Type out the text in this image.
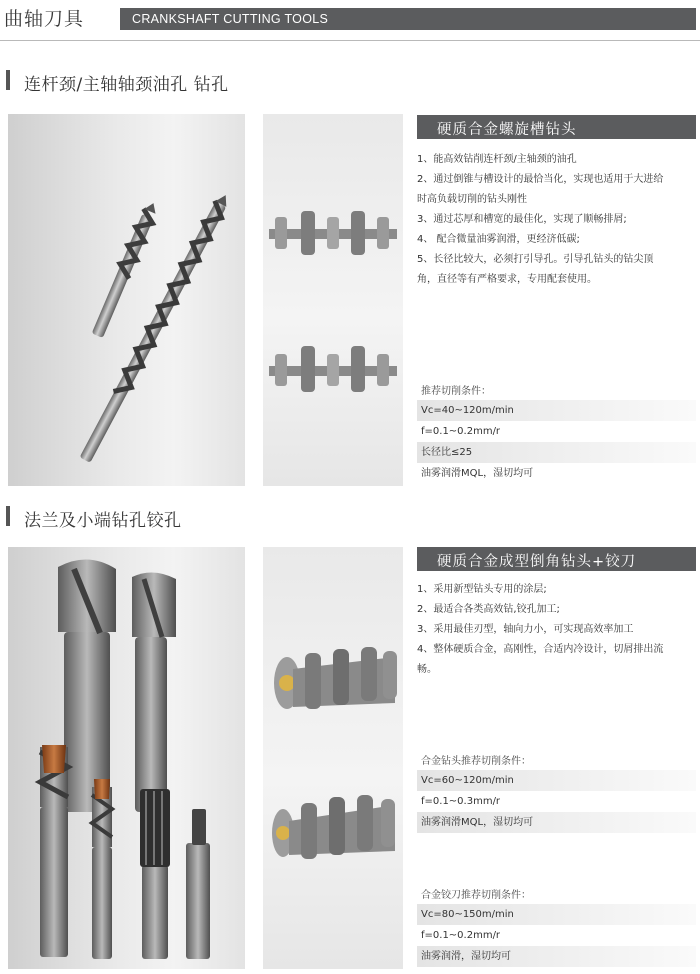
曲轴刀具	CRANKSHAFT CUTTING TOOLS
连杆颈/主轴轴颈油孔 钻孔
硬质合金螺旋槽钻头
1、能高效钻削连杆颈/主轴颈的油孔
2、通过倒锥与槽设计的最恰当化，实现也适用于大进给
时高负载切削的钻头刚性
3、通过芯厚和槽宽的最佳化，实现了顺畅排屑;
4、 配合微量油雾润滑，更经济低碳;
5、长径比较大，必须打引导孔。引导孔钻头的钻尖顶
角，直径等有严格要求，专用配套使用。
推荐切削条件：
Vc=40~120m/min
f=0.1~0.2mm/r
长径比≤25
油雾润滑MQL，湿切均可
法兰及小端钻孔铰孔
硬质合金成型倒角钻头+铰刀
1、采用新型钻头专用的涂层;
2、最适合各类高效钻,铰孔加工;
3、采用最佳刃型，轴向力小，可实现高效率加工
4、整体硬质合金，高刚性，合适内冷设计，切屑排出流
畅。
合金钻头推荐切削条件：
Vc=60~120m/min
f=0.1~0.3mm/r
油雾润滑MQL，湿切均可
合金铰刀推荐切削条件：
Vc=80~150m/min
f=0.1~0.2mm/r
油雾润滑，湿切均可
